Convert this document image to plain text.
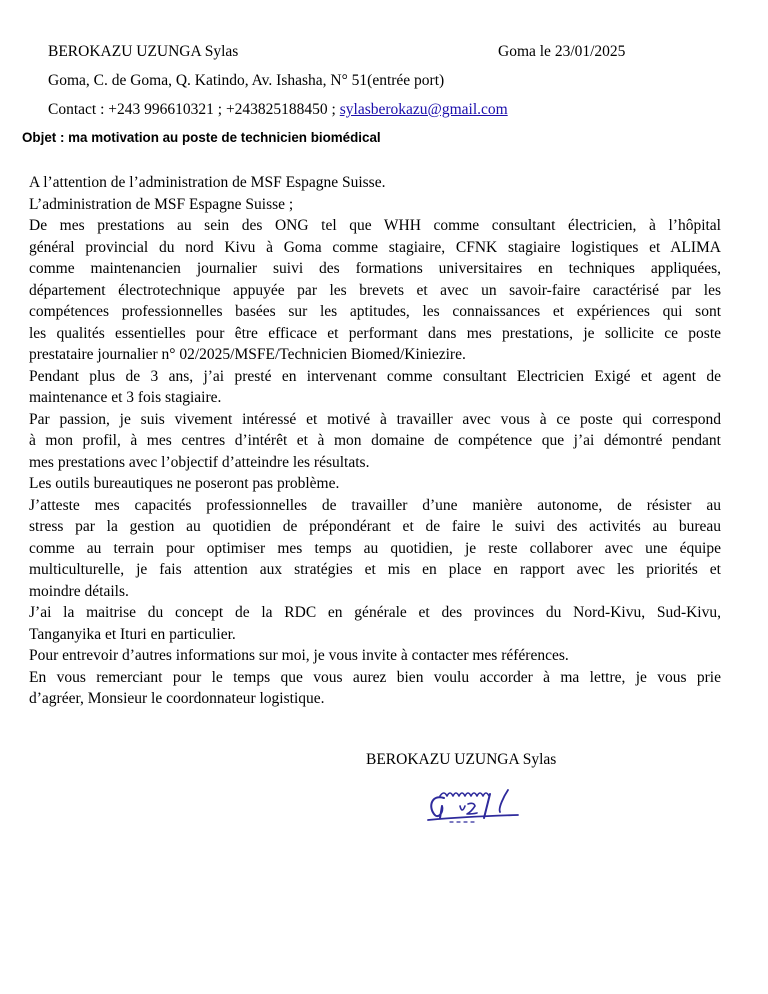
BEROKAZU UZUNGA Sylas	Goma le 23/01/2025
Goma, C. de Goma, Q. Katindo, Av. Ishasha, N° 51(entrée port)
Contact : +243 996610321 ; +243825188450 ; sylasberokazu@gmail.com
Objet : ma motivation au poste de technicien biomédical
A l’attention de l’administration de MSF Espagne Suisse.
L’administration de MSF Espagne Suisse ;
De mes prestations au sein des ONG tel que WHH comme consultant électricien, à l’hôpital
général provincial du nord Kivu à Goma comme stagiaire, CFNK stagiaire logistiques et ALIMA
comme maintenancien journalier suivi des formations universitaires en techniques appliquées,
département électrotechnique appuyée par les brevets et avec un savoir-faire caractérisé par les
compétences professionnelles basées sur les aptitudes, les connaissances et expériences qui sont
les qualités essentielles pour être efficace et performant dans mes prestations, je sollicite ce poste
prestataire journalier n° 02/2025/MSFE/Technicien Biomed/Kiniezire.
Pendant plus de 3 ans, j’ai presté en intervenant comme consultant Electricien Exigé et agent de
maintenance et 3 fois stagiaire.
Par passion, je suis vivement intéressé et motivé à travailler avec vous à ce poste qui correspond
à mon profil, à mes centres d’intérêt et à mon domaine de compétence que j’ai démontré pendant
mes prestations avec l’objectif d’atteindre les résultats.
Les outils bureautiques ne poseront pas problème.
J’atteste mes capacités professionnelles de travailler d’une manière autonome, de résister au
stress par la gestion au quotidien de prépondérant et de faire le suivi des activités au bureau
comme au terrain pour optimiser mes temps au quotidien, je reste collaborer avec une équipe
multiculturelle, je fais attention aux stratégies et mis en place en rapport avec les priorités et
moindre détails.
J’ai la maitrise du concept de la RDC en générale et des provinces du Nord-Kivu, Sud-Kivu,
Tanganyika et Ituri en particulier.
Pour entrevoir d’autres informations sur moi, je vous invite à contacter mes références.
En vous remerciant pour le temps que vous aurez bien voulu accorder à ma lettre, je vous prie
d’agréer, Monsieur le coordonnateur logistique.
BEROKAZU UZUNGA Sylas
